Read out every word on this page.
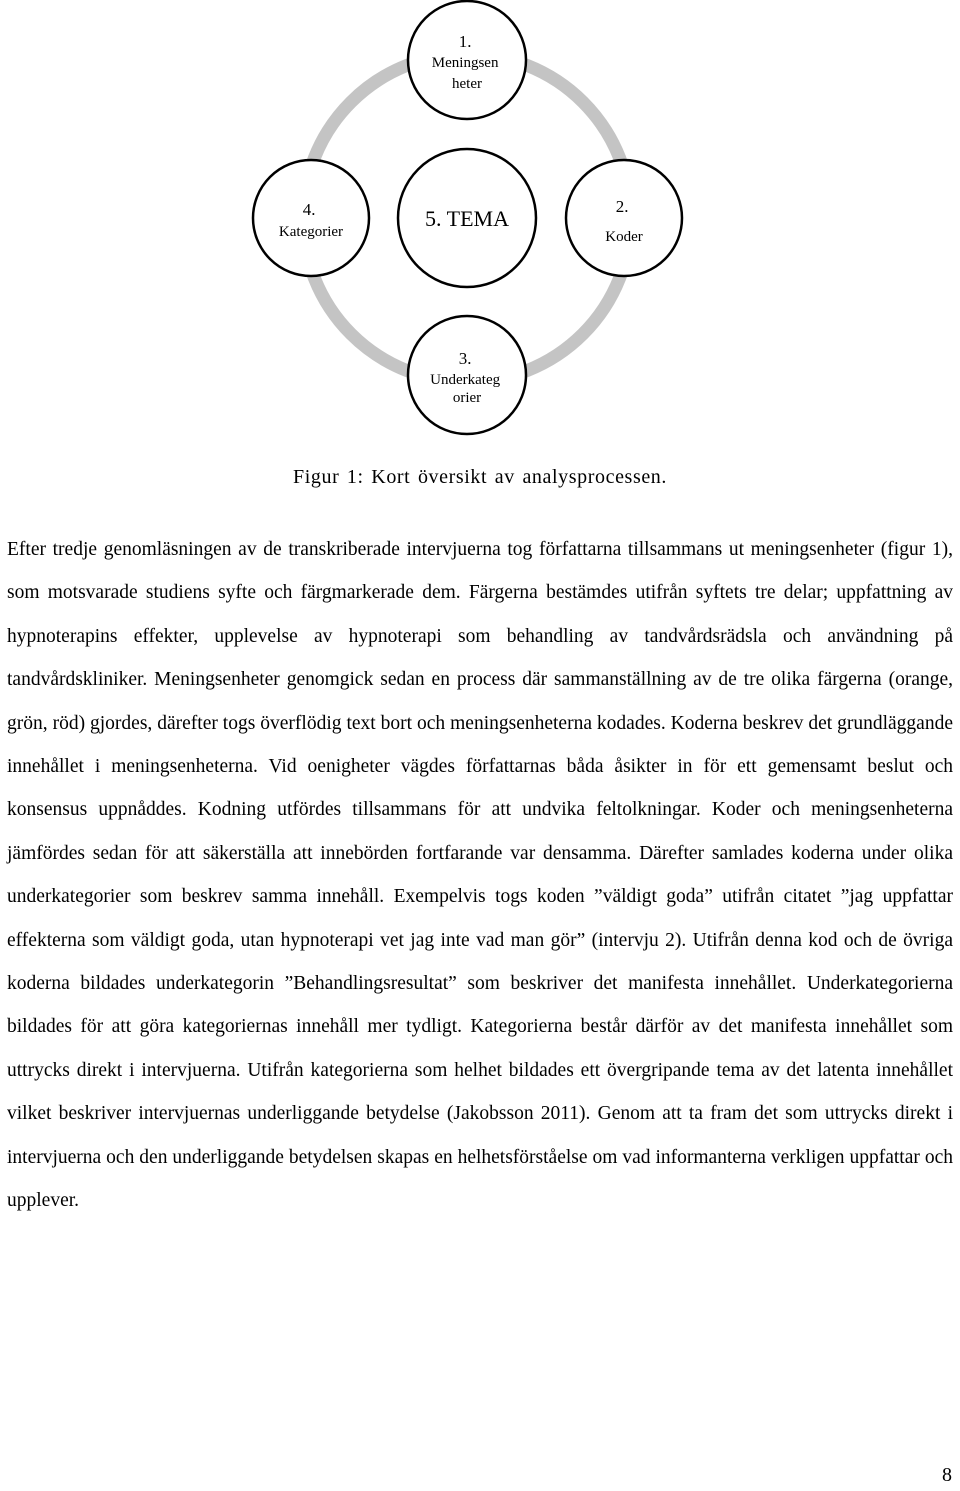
1. Meningsen heter
2. Koder
3. Underkateg orier
4. Kategorier
5. TEMA
Figur 1: Kort översikt av analysprocessen.

Efter tredje genomläsningen av de transkriberade intervjuerna tog författarna tillsammans ut meningsenheter (figur 1), som motsvarade studiens syfte och färgmarkerade dem. Färgerna bestämdes utifrån syftets tre delar; uppfattning av hypnoterapins effekter, upplevelse av hypnoterapi som behandling av tandvårdsrädsla och användning på tandvårdskliniker. Meningsenheter genomgick sedan en process där sammanställning av de tre olika färgerna (orange, grön, röd) gjordes, därefter togs överflödig text bort och meningsenheterna kodades. Koderna beskrev det grundläggande innehållet i meningsenheterna. Vid oenigheter vägdes författarnas båda åsikter in för ett gemensamt beslut och konsensus uppnåddes. Kodning utfördes tillsammans för att undvika feltolkningar. Koder och meningsenheterna jämfördes sedan för att säkerställa att innebörden fortfarande var densamma. Därefter samlades koderna under olika underkategorier som beskrev samma innehåll. Exempelvis togs koden ”väldigt goda” utifrån citatet ”jag uppfattar effekterna som väldigt goda, utan hypnoterapi vet jag inte vad man gör” (intervju 2). Utifrån denna kod och de övriga koderna bildades underkategorin ”Behandlingsresultat” som beskriver det manifesta innehållet. Underkategorierna bildades för att göra kategoriernas innehåll mer tydligt. Kategorierna består därför av det manifesta innehållet som uttrycks direkt i intervjuerna. Utifrån kategorierna som helhet bildades ett övergripande tema av det latenta innehållet vilket beskriver intervjuernas underliggande betydelse (Jakobsson 2011). Genom att ta fram det som uttrycks direkt i intervjuerna och den underliggande betydelsen skapas en helhetsförståelse om vad informanterna verkligen uppfattar och upplever.

8
